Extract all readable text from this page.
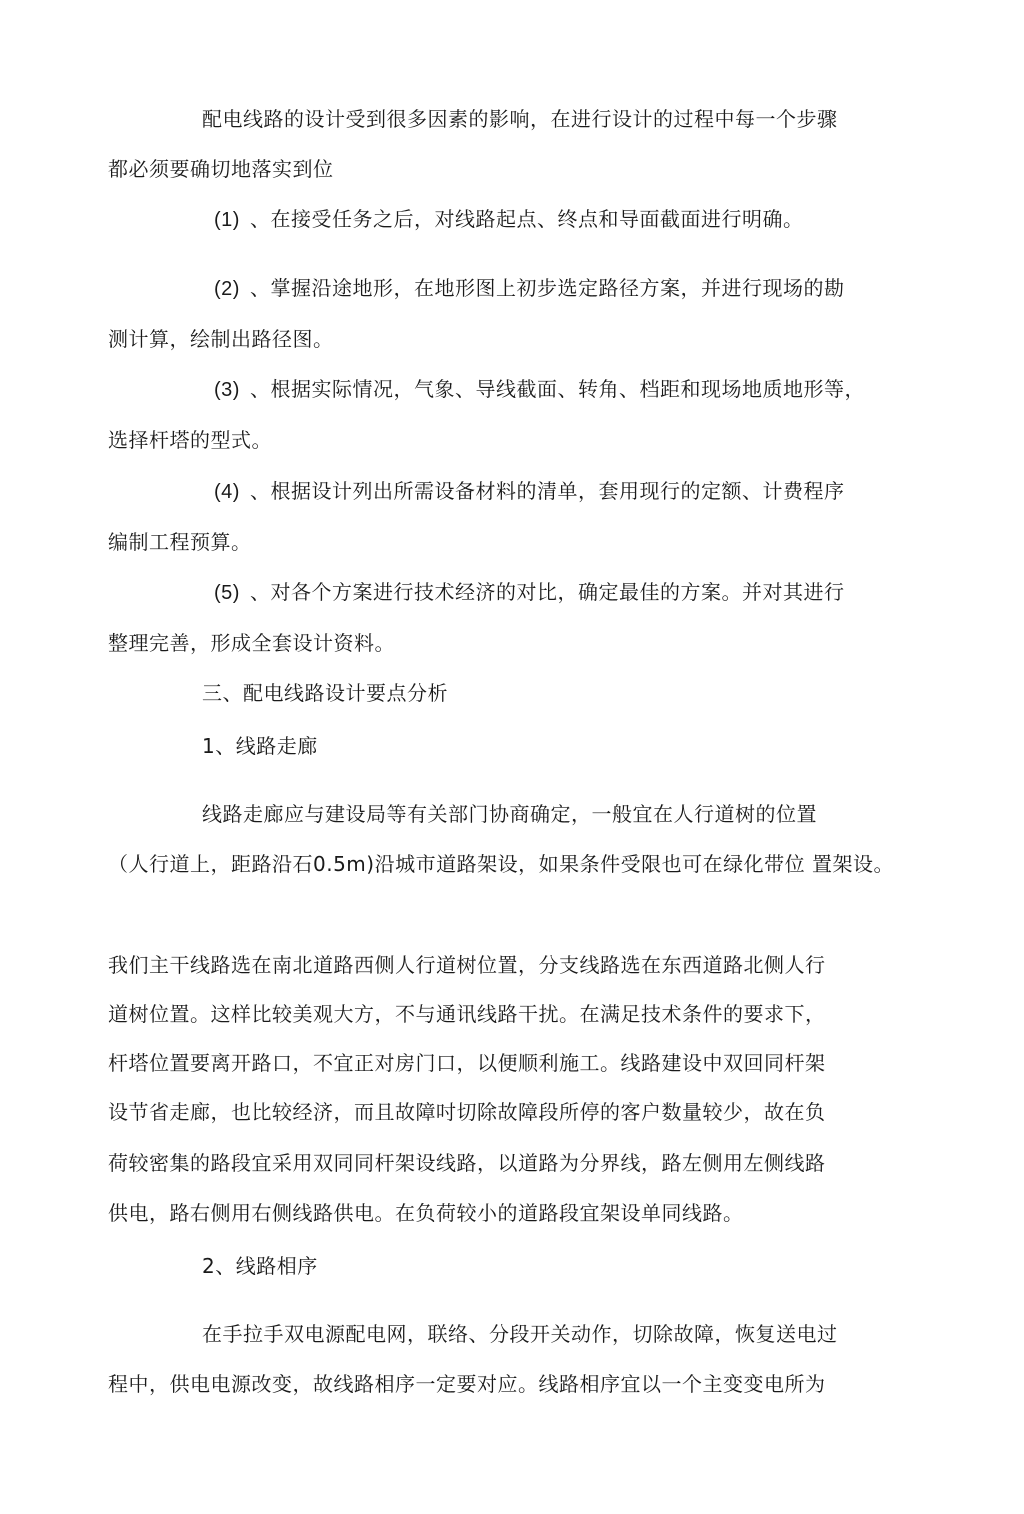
配电线路的设计受到很多因素的影响，在进行设计的过程中每一个步骤
都必须要确切地落实到位
(1) 、在接受任务之后，对线路起点、终点和导面截面进行明确。
(2) 、掌握沿途地形，在地形图上初步选定路径方案，并进行现场的勘
测计算，绘制出路径图。
(3) 、根据实际情况，气象、导线截面、转角、档距和现场地质地形等，
选择杆塔的型式。
(4) 、根据设计列出所需设备材料的清单，套用现行的定额、计费程序
编制工程预算。
(5) 、对各个方案进行技术经济的对比，确定最佳的方案。并对其进行
整理完善，形成全套设计资料。
三、配电线路设计要点分析
1、线路走廊
线路走廊应与建设局等有关部门协商确定，一般宜在人行道树的位置
（人行道上，距路沿石0.5m)沿城市道路架设，如果条件受限也可在绿化带位 置架设。
我们主干线路选在南北道路西侧人行道树位置，分支线路选在东西道路北侧人行
道树位置。这样比较美观大方，不与通讯线路干扰。在满足技术条件的要求下，
杆塔位置要离开路口，不宜正对房门口，以便顺利施工。线路建设中双回同杆架
设节省走廊，也比较经济，而且故障吋切除故障段所停的客户数量较少，故在负
荷较密集的路段宜采用双同同杆架设线路，以道路为分界线，路左侧用左侧线路
供电，路右侧用右侧线路供电。在负荷较小的道路段宜架设单同线路。
2、线路相序
在手拉手双电源配电网，联络、分段开关动作，切除故障，恢复送电过
程中，供电电源改变，故线路相序一定要对应。线路相序宜以一个主变变电所为
